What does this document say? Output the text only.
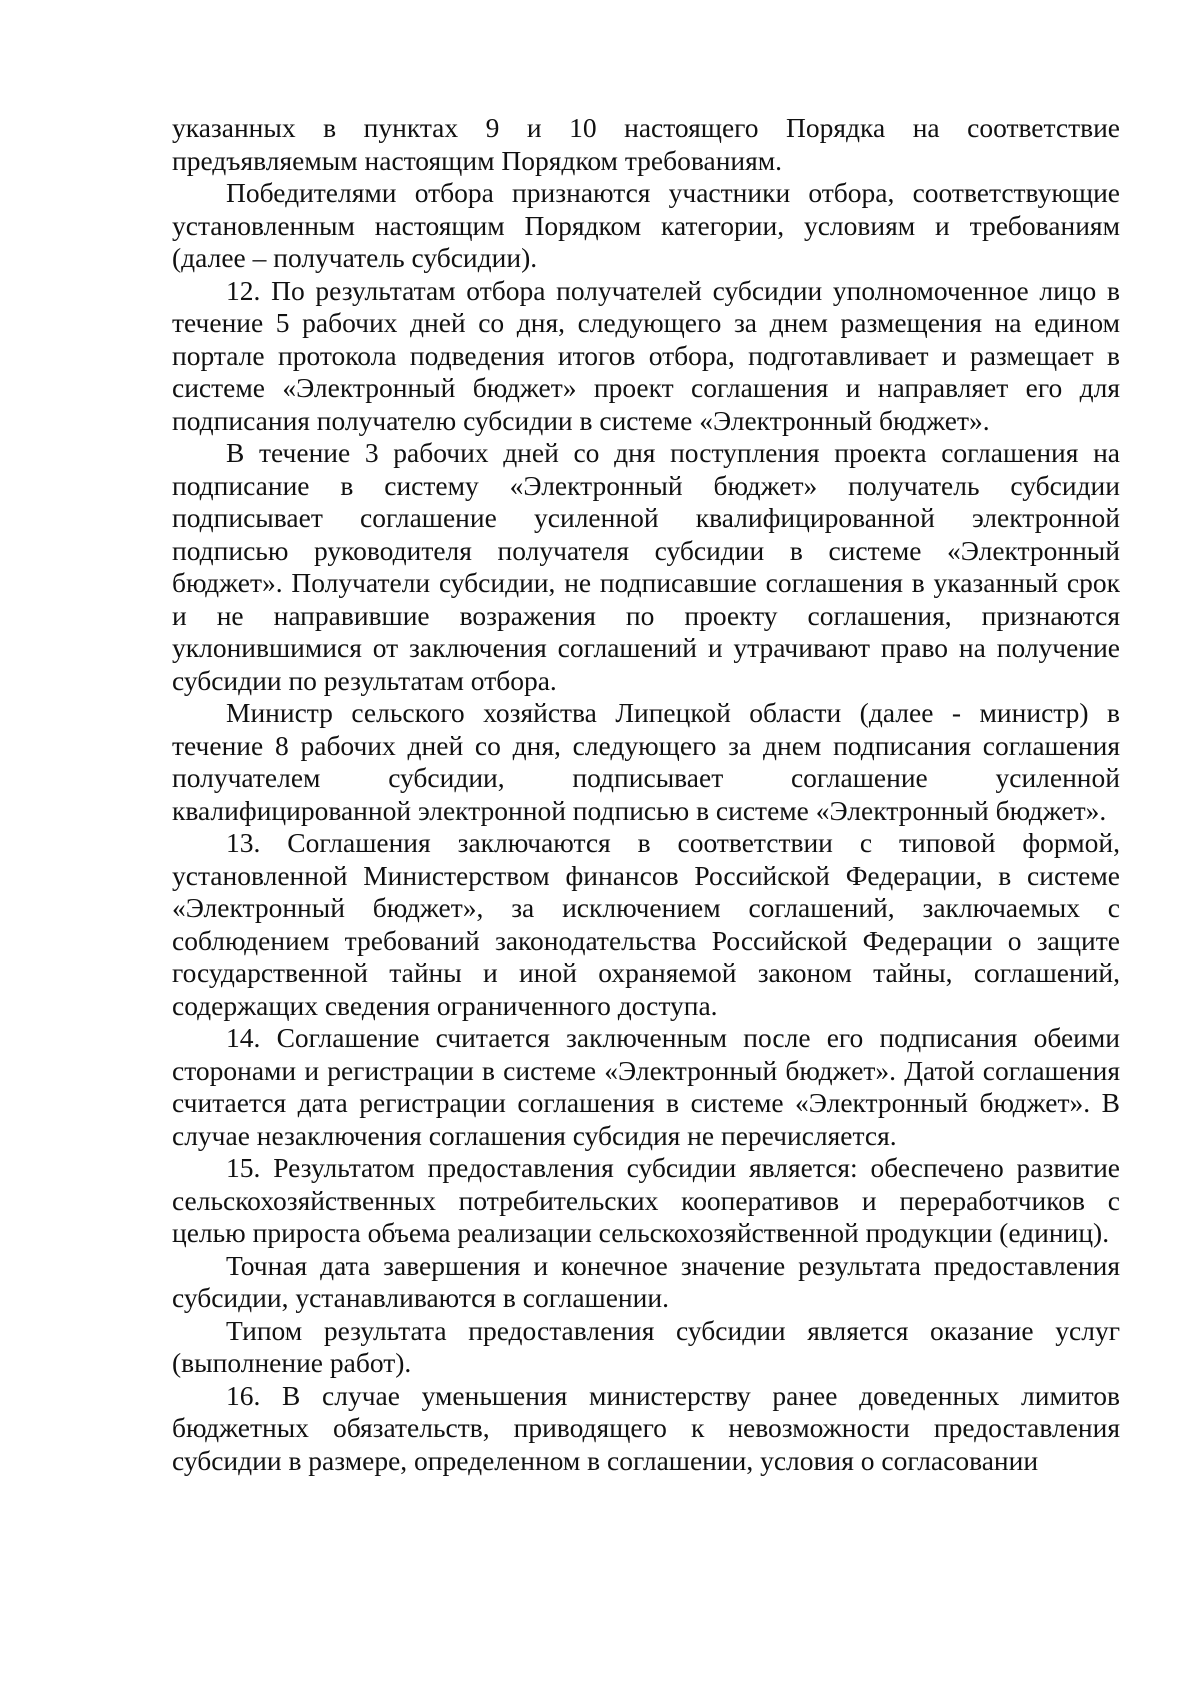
указанных в пунктах 9 и 10 настоящего Порядка на соответствие предъявляемым настоящим Порядком требованиям.

Победителями отбора признаются участники отбора, соответствующие установленным настоящим Порядком категории, условиям и требованиям (далее – получатель субсидии).

12. По результатам отбора получателей субсидии уполномоченное лицо в течение 5 рабочих дней со дня, следующего за днем размещения на едином портале протокола подведения итогов отбора, подготавливает и размещает в системе «Электронный бюджет» проект соглашения и направляет его для подписания получателю субсидии в системе «Электронный бюджет».

В течение 3 рабочих дней со дня поступления проекта соглашения на подписание в систему «Электронный бюджет» получатель субсидии подписывает соглашение усиленной квалифицированной электронной подписью руководителя получателя субсидии в системе «Электронный бюджет». Получатели субсидии, не подписавшие соглашения в указанный срок и не направившие возражения по проекту соглашения, признаются уклонившимися от заключения соглашений и утрачивают право на получение субсидии по результатам отбора.

Министр сельского хозяйства Липецкой области (далее - министр) в течение 8 рабочих дней со дня, следующего за днем подписания соглашения получателем субсидии, подписывает соглашение усиленной квалифицированной электронной подписью в системе «Электронный бюджет».

13. Соглашения заключаются в соответствии с типовой формой, установленной Министерством финансов Российской Федерации, в системе «Электронный бюджет», за исключением соглашений, заключаемых с соблюдением требований законодательства Российской Федерации о защите государственной тайны и иной охраняемой законом тайны, соглашений, содержащих сведения ограниченного доступа.

14. Соглашение считается заключенным после его подписания обеими сторонами и регистрации в системе «Электронный бюджет». Датой соглашения считается дата регистрации соглашения в системе «Электронный бюджет». В случае незаключения соглашения субсидия не перечисляется.

15. Результатом предоставления субсидии является: обеспечено развитие сельскохозяйственных потребительских кооперативов и переработчиков с целью прироста объема реализации сельскохозяйственной продукции (единиц).

Точная дата завершения и конечное значение результата предоставления субсидии, устанавливаются в соглашении.

Типом результата предоставления субсидии является оказание услуг (выполнение работ).

16. В случае уменьшения министерству ранее доведенных лимитов бюджетных обязательств, приводящего к невозможности предоставления субсидии в размере, определенном в соглашении, условия о согласовании
